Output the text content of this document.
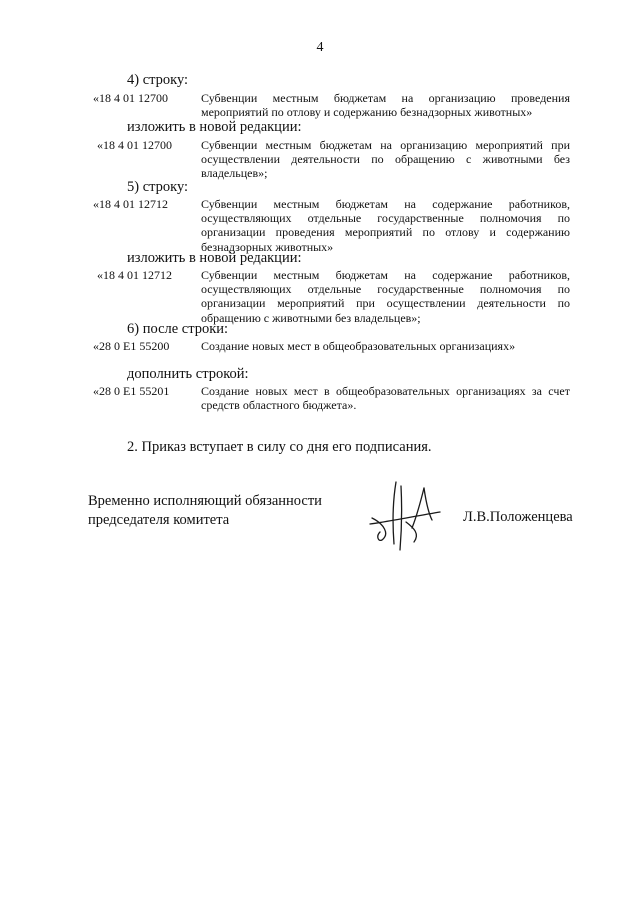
4
4) строку:
«18 4 01 12700	Субвенции местным бюджетам на организацию проведения мероприятий по отлову и содержанию безнадзорных животных»
изложить в новой редакции:
«18 4 01 12700 Субвенции местным бюджетам на организацию мероприятий при осуществлении деятельности по обращению с животными без владельцев»;
5) строку:
«18 4 01 12712	Субвенции местным бюджетам на содержание работников, осуществляющих отдельные государственные полномочия по организации проведения мероприятий по отлову и содержанию безнадзорных животных»
изложить в новой редакции:
«18 4 01 12712 Субвенции местным бюджетам на содержание работников, осуществляющих отдельные государственные полномочия по организации мероприятий при осуществлении деятельности по обращению с животными без владельцев»;
6) после строки:
«28 0 E1 55200	Создание новых мест в общеобразовательных организациях»
дополнить строкой:
«28 0 E1 55201	Создание новых мест в общеобразовательных организациях за счет средств областного бюджета».
2. Приказ вступает в силу со дня его подписания.
Временно исполняющий обязанности
председателя комитета	Л.В.Положенцева
